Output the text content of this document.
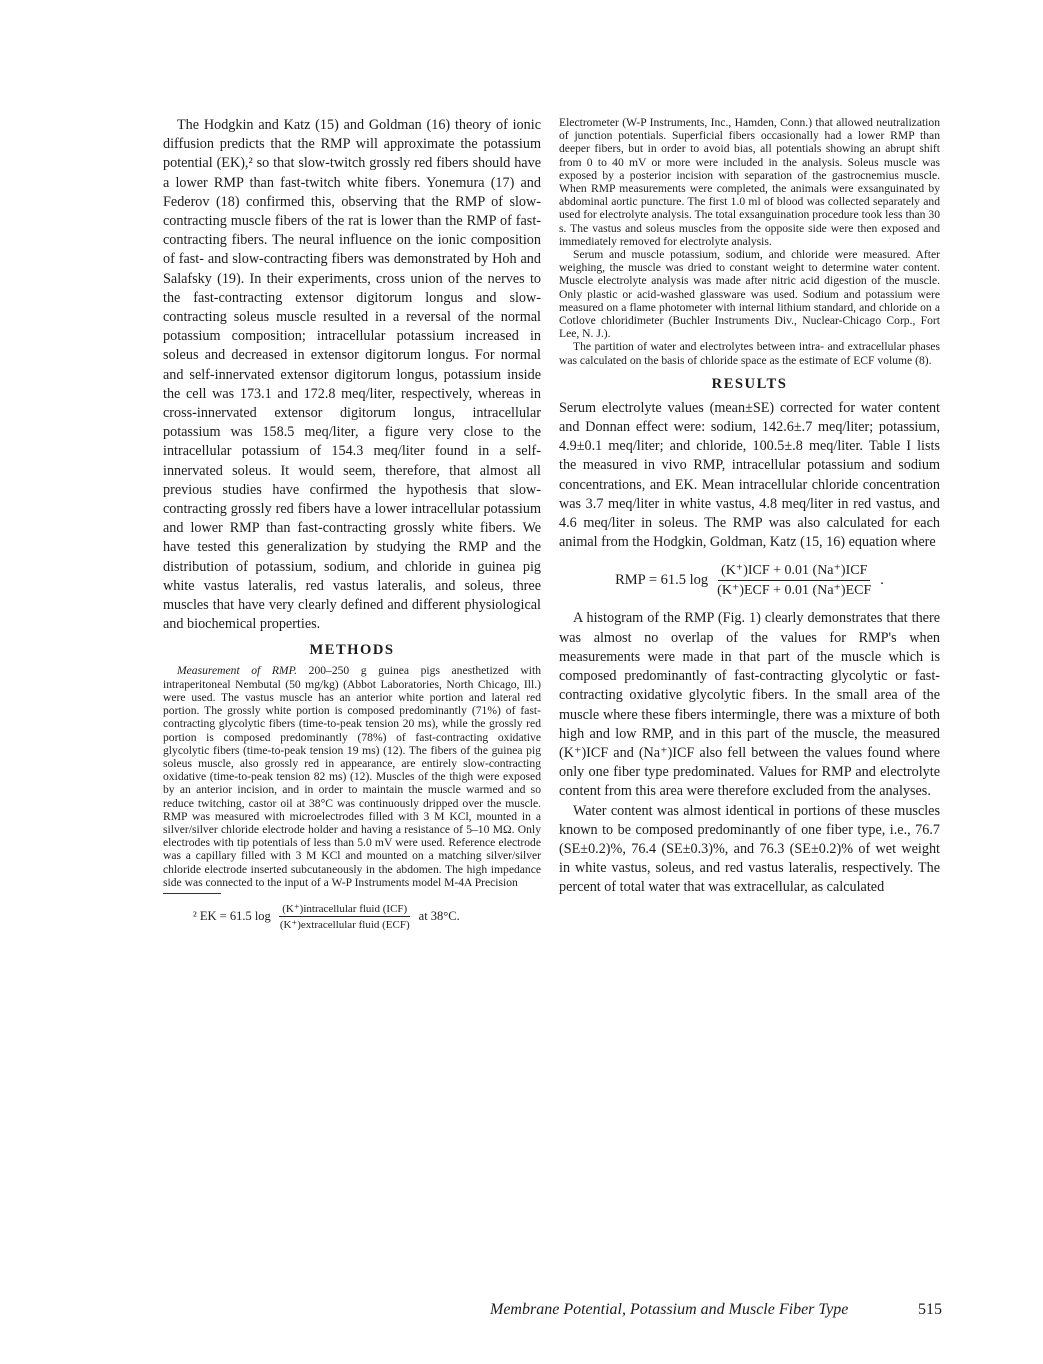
The Hodgkin and Katz (15) and Goldman (16) theory of ionic diffusion predicts that the RMP will approximate the potassium potential (EK),² so that slow-twitch grossly red fibers should have a lower RMP than fast-twitch white fibers. Yonemura (17) and Federov (18) confirmed this, observing that the RMP of slow-contracting muscle fibers of the rat is lower than the RMP of fast-contracting fibers. The neural influence on the ionic composition of fast- and slow-contracting fibers was demonstrated by Hoh and Salafsky (19). In their experiments, cross union of the nerves to the fast-contracting extensor digitorum longus and slow-contracting soleus muscle resulted in a reversal of the normal potassium composition; intracellular potassium increased in soleus and decreased in extensor digitorum longus. For normal and self-innervated extensor digitorum longus, potassium inside the cell was 173.1 and 172.8 meq/liter, respectively, whereas in cross-innervated extensor digitorum longus, intracellular potassium was 158.5 meq/liter, a figure very close to the intracellular potassium of 154.3 meq/liter found in a self-innervated soleus. It would seem, therefore, that almost all previous studies have confirmed the hypothesis that slow-contracting grossly red fibers have a lower intracellular potassium and lower RMP than fast-contracting grossly white fibers. We have tested this generalization by studying the RMP and the distribution of potassium, sodium, and chloride in guinea pig white vastus lateralis, red vastus lateralis, and soleus, three muscles that have very clearly defined and different physiological and biochemical properties.

METHODS

Measurement of RMP. 200–250 g guinea pigs anesthetized with intraperitoneal Nembutal (50 mg/kg) (Abbot Laboratories, North Chicago, Ill.) were used. The vastus muscle has an anterior white portion and lateral red portion. The grossly white portion is composed predominantly (71%) of fast-contracting glycolytic fibers (time-to-peak tension 20 ms), while the grossly red portion is composed predominantly (78%) of fast-contracting oxidative glycolytic fibers (time-to-peak tension 19 ms) (12). The fibers of the guinea pig soleus muscle, also grossly red in appearance, are entirely slow-contracting oxidative (time-to-peak tension 82 ms) (12). Muscles of the thigh were exposed by an anterior incision, and in order to maintain the muscle warmed and so reduce twitching, castor oil at 38°C was continuously dripped over the muscle. RMP was measured with microelectrodes filled with 3 M KCl, mounted in a silver/silver chloride electrode holder and having a resistance of 5–10 MΩ. Only electrodes with tip potentials of less than 5.0 mV were used. Reference electrode was a capillary filled with 3 M KCl and mounted on a matching silver/silver chloride electrode inserted subcutaneously in the abdomen. The high impedance side was connected to the input of a W-P Instruments model M-4A Precision

² EK = 61.5 $\log \frac{\text{(K⁺)intracellular fluid (ICF)}}{\text{(K⁺)extracellular fluid (ECF)}}$ at 38°C.

Electrometer (W-P Instruments, Inc., Hamden, Conn.) that allowed neutralization of junction potentials. Superficial fibers occasionally had a lower RMP than deeper fibers, but in order to avoid bias, all potentials showing an abrupt shift from 0 to 40 mV or more were included in the analysis. Soleus muscle was exposed by a posterior incision with separation of the gastrocnemius muscle. When RMP measurements were completed, the animals were exsanguinated by abdominal aortic puncture. The first 1.0 ml of blood was collected separately and used for electrolyte analysis. The total exsanguination procedure took less than 30 s. The vastus and soleus muscles from the opposite side were then exposed and immediately removed for electrolyte analysis.

Serum and muscle potassium, sodium, and chloride were measured. After weighing, the muscle was dried to constant weight to determine water content. Muscle electrolyte analysis was made after nitric acid digestion of the muscle. Only plastic or acid-washed glassware was used. Sodium and potassium were measured on a flame photometer with internal lithium standard, and chloride on a Cotlove chloridimeter (Buchler Instruments Div., Nuclear-Chicago Corp., Fort Lee, N. J.).

The partition of water and electrolytes between intra- and extracellular phases was calculated on the basis of chloride space as the estimate of ECF volume (8).

RESULTS

Serum electrolyte values (mean±SE) corrected for water content and Donnan effect were: sodium, 142.6±.7 meq/liter; potassium, 4.9±0.1 meq/liter; and chloride, 100.5±.8 meq/liter. Table I lists the measured in vivo RMP, intracellular potassium and sodium concentrations, and EK. Mean intracellular chloride concentration was 3.7 meq/liter in white vastus, 4.8 meq/liter in red vastus, and 4.6 meq/liter in soleus. The RMP was also calculated for each animal from the Hodgkin, Goldman, Katz (15, 16) equation where

RMP = 61.5 $\log \frac{\text{(K⁺)ICF + 0.01 (Na⁺)ICF}}{\text{(K⁺)ECF + 0.01 (Na⁺)ECF}}$ .

A histogram of the RMP (Fig. 1) clearly demonstrates that there was almost no overlap of the values for RMP's when measurements were made in that part of the muscle which is composed predominantly of fast-contracting glycolytic or fast-contracting oxidative glycolytic fibers. In the small area of the muscle where these fibers intermingle, there was a mixture of both high and low RMP, and in this part of the muscle, the measured (K⁺)ICF and (Na⁺)ICF also fell between the values found where only one fiber type predominated. Values for RMP and electrolyte content from this area were therefore excluded from the analyses.

Water content was almost identical in portions of these muscles known to be composed predominantly of one fiber type, i.e., 76.7 (SE±0.2)%, 76.4 (SE±0.3)%, and 76.3 (SE±0.2)% of wet weight in white vastus, soleus, and red vastus lateralis, respectively. The percent of total water that was extracellular, as calculated

Membrane Potential, Potassium and Muscle Fiber Type	515
